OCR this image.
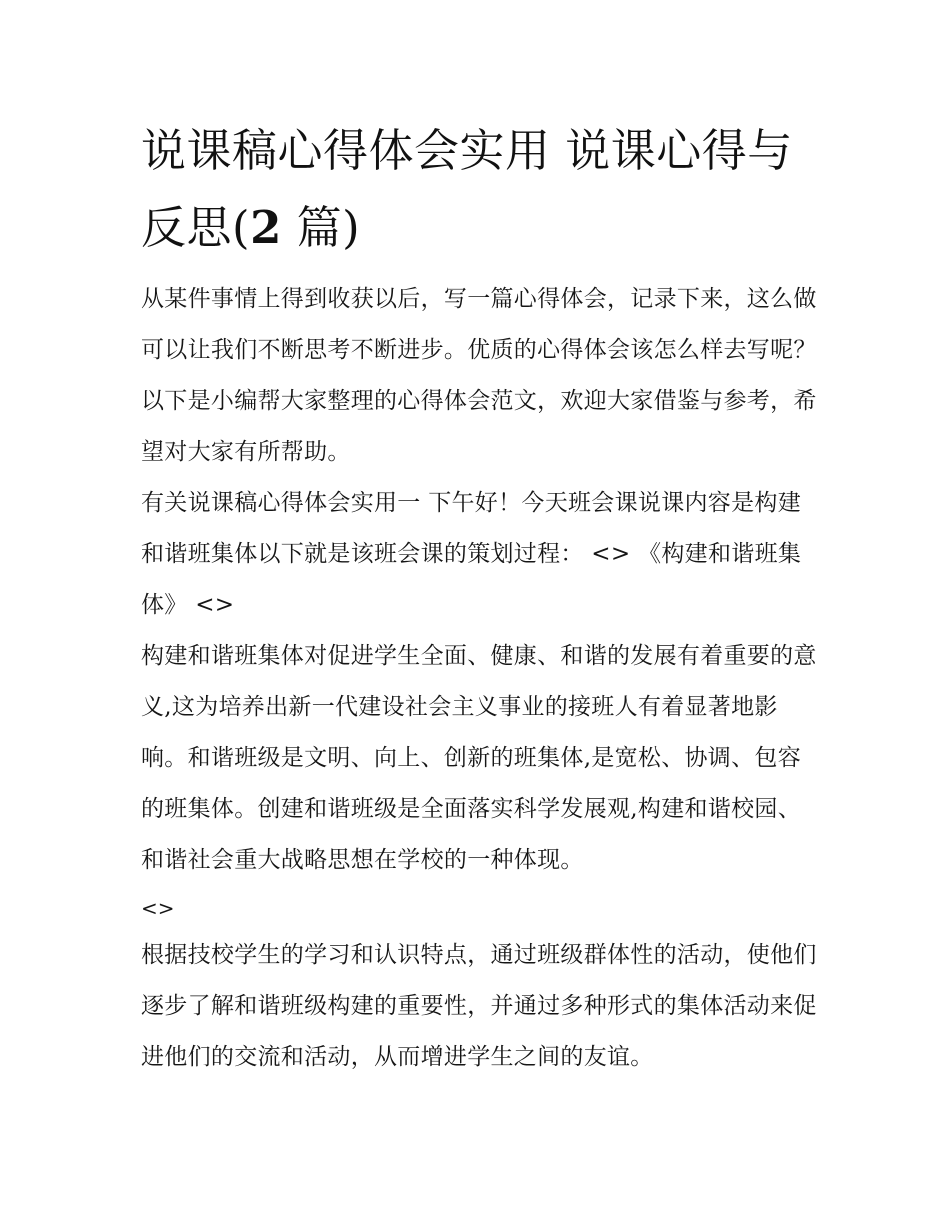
说课稿心得体会实用 说课心得与反思(2 篇)

从某件事情上得到收获以后，写一篇心得体会，记录下来，这么做可以让我们不断思考不断进步。优质的心得体会该怎么样去写呢？以下是小编帮大家整理的心得体会范文，欢迎大家借鉴与参考，希望对大家有所帮助。

有关说课稿心得体会实用一 下午好！今天班会课说课内容是构建和谐班集体以下就是该班会课的策划过程： <> 《构建和谐班集体》 <>

构建和谐班集体对促进学生全面、健康、和谐的发展有着重要的意义,这为培养出新一代建设社会主义事业的接班人有着显著地影响。和谐班级是文明、向上、创新的班集体,是宽松、协调、包容的班集体。创建和谐班级是全面落实科学发展观,构建和谐校园、和谐社会重大战略思想在学校的一种体现。

<>

根据技校学生的学习和认识特点，通过班级群体性的活动，使他们逐步了解和谐班级构建的重要性，并通过多种形式的集体活动来促进他们的交流和活动，从而增进学生之间的友谊。
